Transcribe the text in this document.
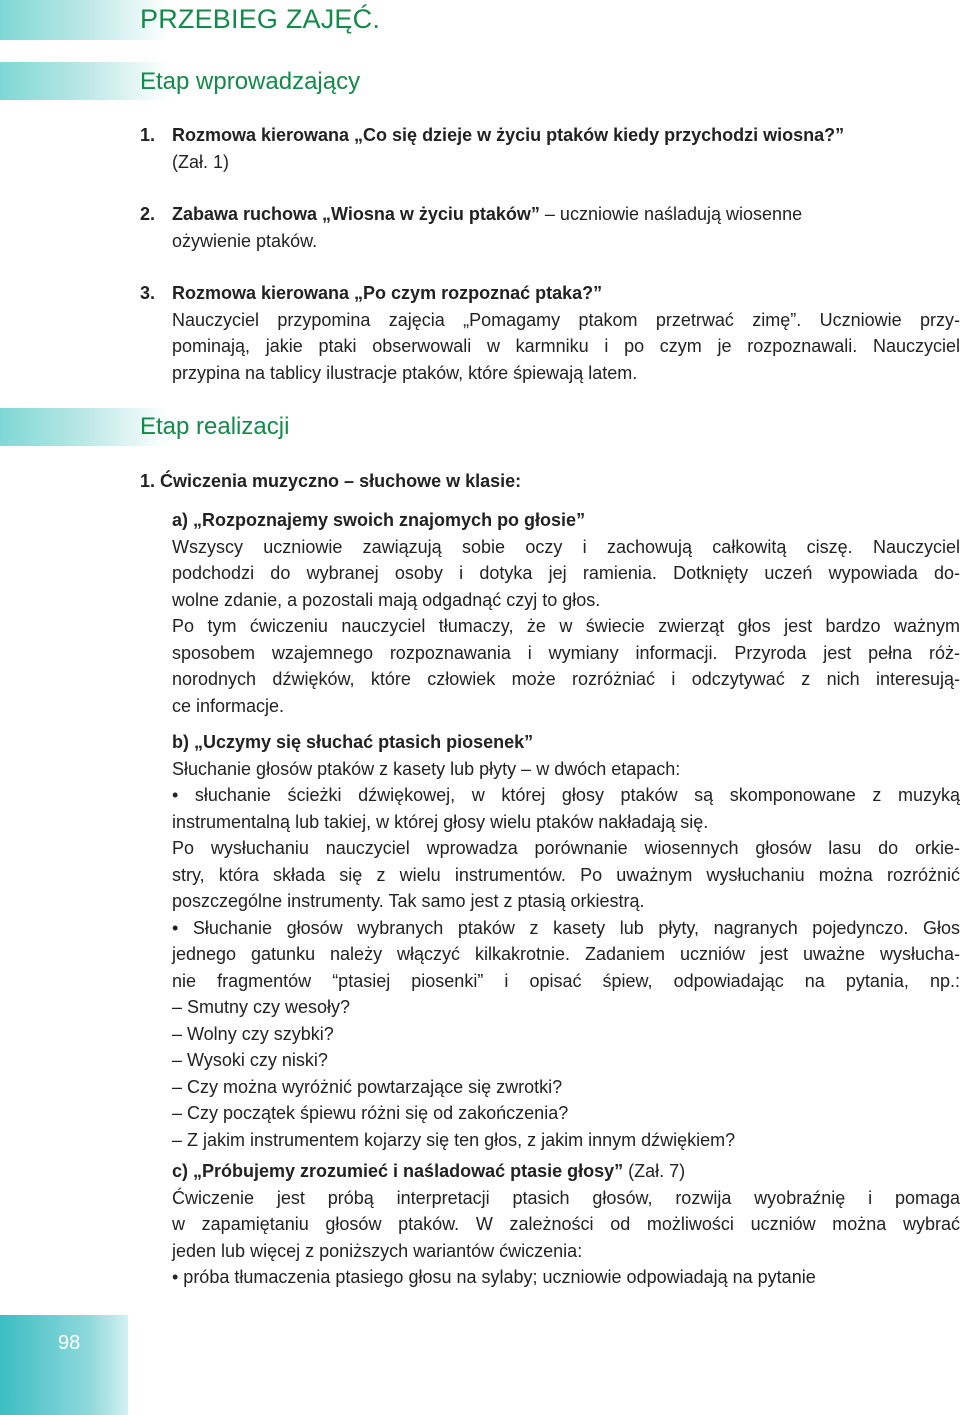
PRZEBIEG ZAJĘĆ.
Etap wprowadzający
1. Rozmowa kierowana „Co się dzieje w życiu ptaków kiedy przychodzi wiosna?”
(Zał. 1)
2. Zabawa ruchowa „Wiosna w życiu ptaków” – uczniowie naśladują wiosenne
ożywienie ptaków.
3. Rozmowa kierowana „Po czym rozpoznać ptaka?”

Nauczyciel przypomina zajęcia „Pomagamy ptakom przetrwać zimę”. Uczniowie przy-

pominają, jakie ptaki obserwowali w karmniku i po czym je rozpoznawali. Nauczyciel

przypina na tablicy ilustracje ptaków, które śpiewają latem.

Etap realizacji
1. Ćwiczenia muzyczno – słuchowe w klasie:

a) „Rozpoznajemy swoich znajomych po głosie”

Wszyscy uczniowie zawiązują sobie oczy i zachowują całkowitą ciszę. Nauczyciel

podchodzi do wybranej osoby i dotyka jej ramienia. Dotknięty uczeń wypowiada do-

wolne zdanie, a pozostali mają odgadnąć czyj to głos.

Po tym ćwiczeniu nauczyciel tłumaczy, że w świecie zwierząt głos jest bardzo ważnym

sposobem wzajemnego rozpoznawania i wymiany informacji. Przyroda jest pełna róż-

norodnych dźwięków, które człowiek może rozróżniać i odczytywać z nich interesują-

ce informacje.

b) „Uczymy się słuchać ptasich piosenek”

Słuchanie głosów ptaków z kasety lub płyty – w dwóch etapach:

• słuchanie ścieżki dźwiękowej, w której głosy ptaków są skomponowane z muzyką

instrumentalną lub takiej, w której głosy wielu ptaków nakładają się.

Po wysłuchaniu nauczyciel wprowadza porównanie wiosennych głosów lasu do orkie-

stry, która składa się z wielu instrumentów. Po uważnym wysłuchaniu można rozróżnić

poszczególne instrumenty. Tak samo jest z ptasią orkiestrą.

• Słuchanie głosów wybranych ptaków z kasety lub płyty, nagranych pojedynczo. Głos

jednego gatunku należy włączyć kilkakrotnie. Zadaniem uczniów jest uważne wysłucha-

nie fragmentów “ptasiej piosenki” i opisać śpiew, odpowiadając na pytania, np.:

– Smutny czy wesoły?

– Wolny czy szybki?

– Wysoki czy niski?

– Czy można wyróżnić powtarzające się zwrotki?

– Czy początek śpiewu różni się od zakończenia?

– Z jakim instrumentem kojarzy się ten głos, z jakim innym dźwiękiem?

c) „Próbujemy zrozumieć i naśladować ptasie głosy” (Zał. 7)

Ćwiczenie jest próbą interpretacji ptasich głosów, rozwija wyobraźnię i pomaga

w zapamiętaniu głosów ptaków. W zależności od możliwości uczniów można wybrać

jeden lub więcej z poniższych wariantów ćwiczenia:

• próba tłumaczenia ptasiego głosu na sylaby; uczniowie odpowiadają na pytanie

98
